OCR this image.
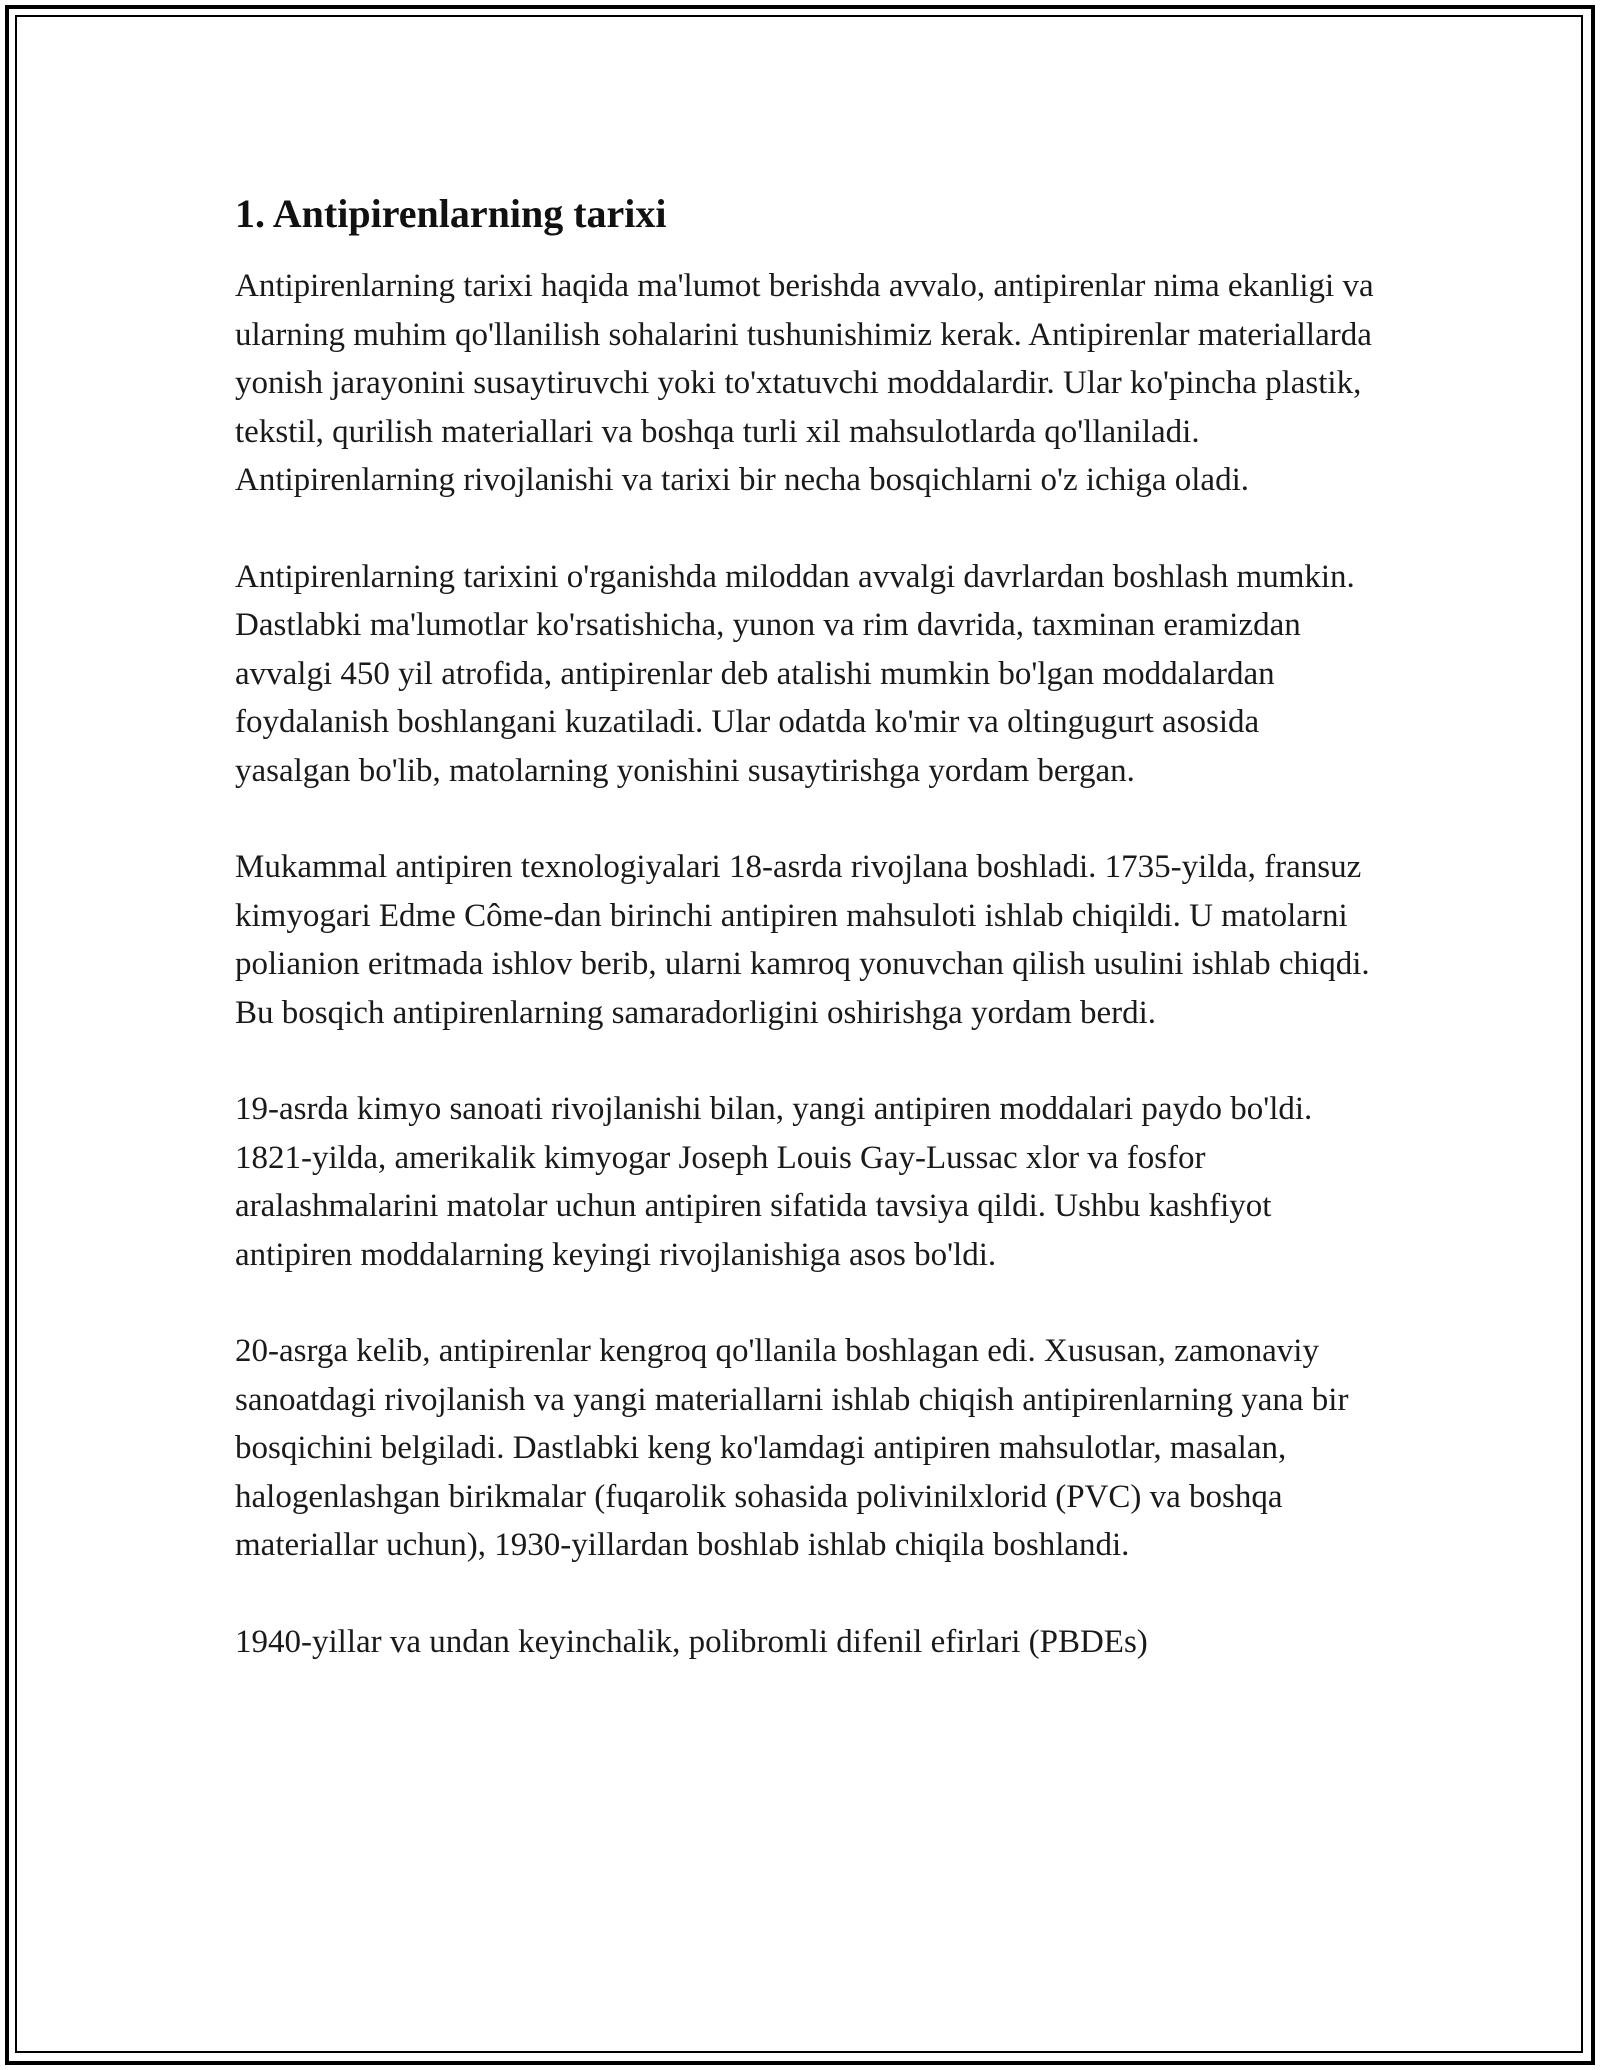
1. Antipirenlarning tarixi

Antipirenlarning tarixi haqida ma'lumot berishda avvalo, antipirenlar nima ekanligi va ularning muhim qo'llanilish sohalarini tushunishimiz kerak. Antipirenlar materiallarda yonish jarayonini susaytiruvchi yoki to'xtatuvchi moddalardir. Ular ko'pincha plastik, tekstil, qurilish materiallari va boshqa turli xil mahsulotlarda qo'llaniladi. Antipirenlarning rivojlanishi va tarixi bir necha bosqichlarni o'z ichiga oladi.

Antipirenlarning tarixini o'rganishda miloddan avvalgi davrlardan boshlash mumkin. Dastlabki ma'lumotlar ko'rsatishicha, yunon va rim davrida, taxminan eramizdan avvalgi 450 yil atrofida, antipirenlar deb atalishi mumkin bo'lgan moddalardan foydalanish boshlangani kuzatiladi. Ular odatda ko'mir va oltingugurt asosida yasalgan bo'lib, matolarning yonishini susaytirishga yordam bergan.

Mukammal antipiren texnologiyalari 18-asrda rivojlana boshladi. 1735-yilda, fransuz kimyogari Edme Côme-dan birinchi antipiren mahsuloti ishlab chiqildi. U matolarni polianion eritmada ishlov berib, ularni kamroq yonuvchan qilish usulini ishlab chiqdi. Bu bosqich antipirenlarning samaradorligini oshirishga yordam berdi.

19-asrda kimyo sanoati rivojlanishi bilan, yangi antipiren moddalari paydo bo'ldi. 1821-yilda, amerikalik kimyogar Joseph Louis Gay-Lussac xlor va fosfor aralashmalarini matolar uchun antipiren sifatida tavsiya qildi. Ushbu kashfiyot antipiren moddalarning keyingi rivojlanishiga asos bo'ldi.

20-asrga kelib, antipirenlar kengroq qo'llanila boshlagan edi. Xususan, zamonaviy sanoatdagi rivojlanish va yangi materiallarni ishlab chiqish antipirenlarning yana bir bosqichini belgiladi. Dastlabki keng ko'lamdagi antipiren mahsulotlar, masalan, halogenlashgan birikmalar (fuqarolik sohasida polivinilxlorid (PVC) va boshqa materiallar uchun), 1930-yillardan boshlab ishlab chiqila boshlandi.

1940-yillar va undan keyinchalik, polibromli difenil efirlari (PBDEs)
